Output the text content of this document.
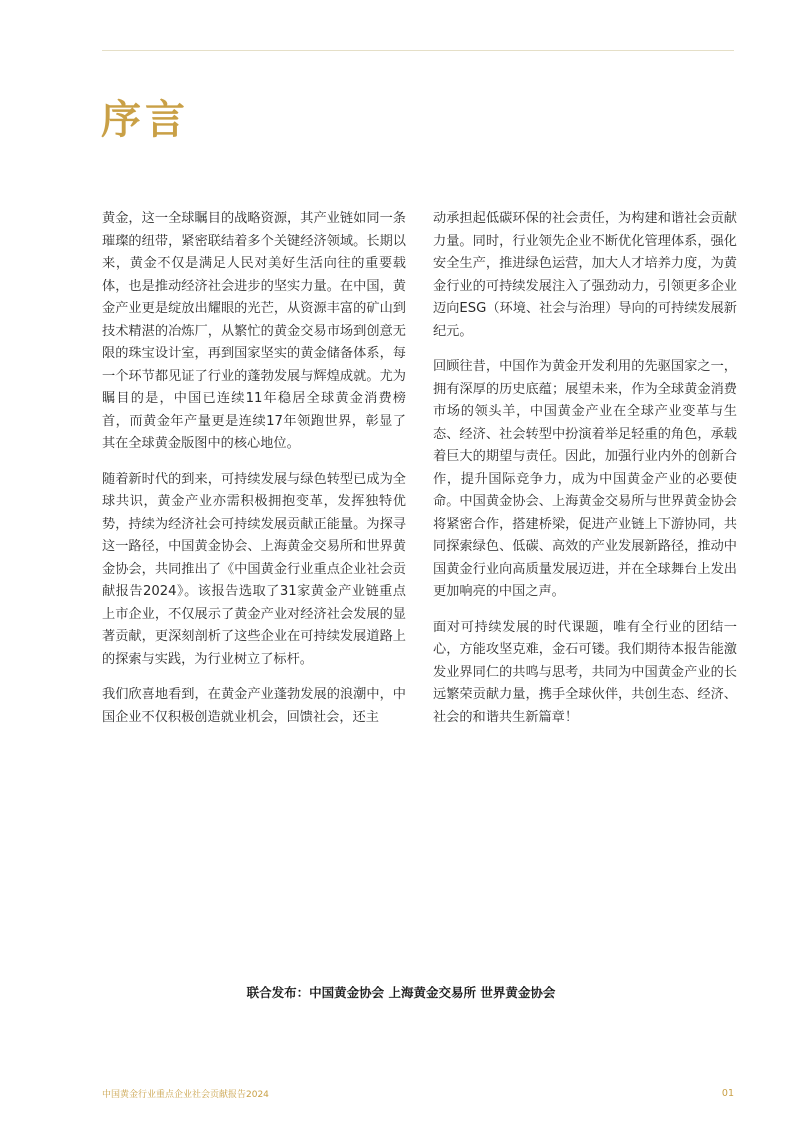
序言

黄金，这一全球瞩目的战略资源，其产业链如同一条璀璨的纽带，紧密联结着多个关键经济领域。长期以来，黄金不仅是满足人民对美好生活向往的重要载体，也是推动经济社会进步的坚实力量。在中国，黄金产业更是绽放出耀眼的光芒，从资源丰富的矿山到技术精湛的冶炼厂，从繁忙的黄金交易市场到创意无限的珠宝设计室，再到国家坚实的黄金储备体系，每一个环节都见证了行业的蓬勃发展与辉煌成就。尤为瞩目的是，中国已连续11年稳居全球黄金消费榜首，而黄金年产量更是连续17年领跑世界，彰显了其在全球黄金版图中的核心地位。

随着新时代的到来，可持续发展与绿色转型已成为全球共识，黄金产业亦需积极拥抱变革，发挥独特优势，持续为经济社会可持续发展贡献正能量。为探寻这一路径，中国黄金协会、上海黄金交易所和世界黄金协会，共同推出了《中国黄金行业重点企业社会贡献报告2024》。该报告选取了31家黄金产业链重点上市企业，不仅展示了黄金产业对经济社会发展的显著贡献，更深刻剖析了这些企业在可持续发展道路上的探索与实践，为行业树立了标杆。

我们欣喜地看到，在黄金产业蓬勃发展的浪潮中，中国企业不仅积极创造就业机会，回馈社会，还主

动承担起低碳环保的社会责任，为构建和谐社会贡献力量。同时，行业领先企业不断优化管理体系，强化安全生产，推进绿色运营，加大人才培养力度，为黄金行业的可持续发展注入了强劲动力，引领更多企业迈向ESG（环境、社会与治理）导向的可持续发展新纪元。

回顾往昔，中国作为黄金开发利用的先驱国家之一，拥有深厚的历史底蕴；展望未来，作为全球黄金消费市场的领头羊，中国黄金产业在全球产业变革与生态、经济、社会转型中扮演着举足轻重的角色，承载着巨大的期望与责任。因此，加强行业内外的创新合作，提升国际竞争力，成为中国黄金产业的必要使命。中国黄金协会、上海黄金交易所与世界黄金协会将紧密合作，搭建桥梁，促进产业链上下游协同，共同探索绿色、低碳、高效的产业发展新路径，推动中国黄金行业向高质量发展迈进，并在全球舞台上发出更加响亮的中国之声。

面对可持续发展的时代课题，唯有全行业的团结一心，方能攻坚克难，金石可镂。我们期待本报告能激发业界同仁的共鸣与思考，共同为中国黄金产业的长远繁荣贡献力量，携手全球伙伴，共创生态、经济、社会的和谐共生新篇章！

联合发布：中国黄金协会 上海黄金交易所 世界黄金协会
中国黄金行业重点企业社会贡献报告2024	01
